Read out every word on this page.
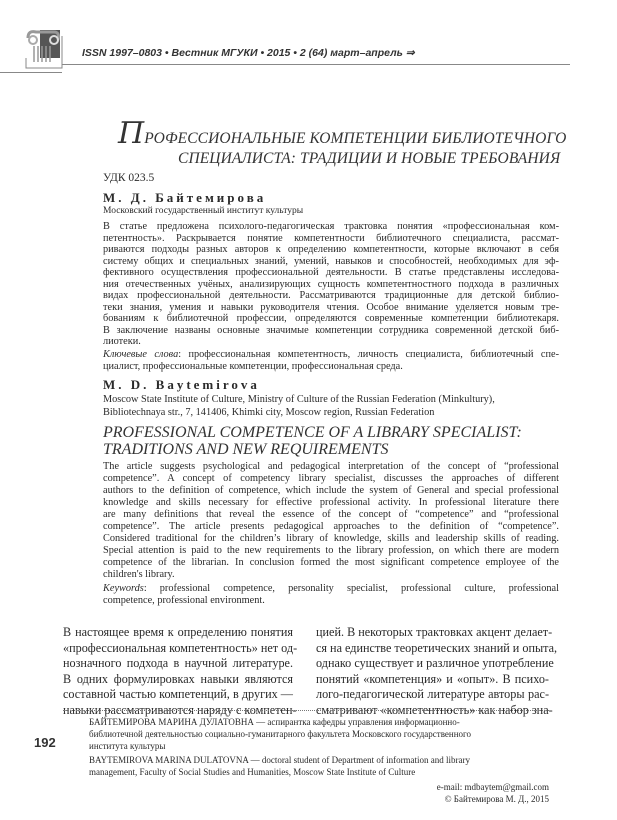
ISSN 1997–0803 • Вестник МГУКИ • 2015 • 2 (64) март–апрель ⇒
ПРОФЕССИОНАЛЬНЫЕ КОМПЕТЕНЦИИ БИБЛИОТЕЧНОГО
СПЕЦИАЛИСТА: ТРАДИЦИИ И НОВЫЕ ТРЕБОВАНИЯ
УДК 023.5
М. Д. Байтемирова
Московский государственный институт культуры
В статье предложена психолого-педагогическая трактовка понятия «профессиональная ком-
петентность». Раскрывается понятие компетентности библиотечного специалиста, рассмат-
риваются подходы разных авторов к определению компетентности, которые включают в себя
систему общих и специальных знаний, умений, навыков и способностей, необходимых для эф-
фективного осуществления профессиональной деятельности. В статье представлены исследова-
ния отечественных учёных, анализирующих сущность компетентностного подхода в различных
видах профессиональной деятельности. Рассматриваются традиционные для детской библио-
теки знания, умения и навыки руководителя чтения. Особое внимание уделяется новым тре-
бованиям к библиотечной профессии, определяются современные компетенции библиотекаря.
В заключение названы основные значимые компетенции сотрудника современной детской биб-
лиотеки.
Ключевые слова: профессиональная компетентность, личность специалиста, библиотечный спе-
циалист, профессиональные компетенции, профессиональная среда.
M. D. Baytemirova
Moscow State Institute of Culture, Ministry of Culture of the Russian Federation (Minkultury),
Bibliotechnaya str., 7, 141406, Khimki city, Moscow region, Russian Federation
PROFESSIONAL COMPETENCE OF A LIBRARY SPECIALIST:
TRADITIONS AND NEW REQUIREMENTS
The article suggests psychological and pedagogical interpretation of the concept of “professional
competence”. A concept of competency library specialist, discusses the approaches of different
authors to the definition of competence, which include the system of General and special professional
knowledge and skills necessary for effective professional activity. In professional literature there
are many definitions that reveal the essence of the concept of “competence” and “professional
competence”. The article presents pedagogical approaches to the definition of “competence”.
Considered traditional for the children’s library of knowledge, skills and leadership skills of reading.
Special attention is paid to the new requirements to the library profession, on which there are modern
competence of the librarian. In conclusion formed the most significant competence employee of the
children's library.
Keywords: professional competence, personality specialist, professional culture, professional
competence, professional environment.
В настоящее время к определению понятия
«профессиональная компетентность» нет од-
нозначного подхода в научной литературе.
В одних формулировках навыки являются
составной частью компетенций, в других —
навыки рассматриваются наряду с компетен-
цией. В некоторых трактовках акцент делает-
ся на единстве теоретических знаний и опыта,
однако существует и различное употребление
понятий «компетенция» и «опыт». В психо-
лого-педагогической литературе авторы рас-
сматривают «компетентность» как набор зна-
192
БАЙТЕМИРОВА МАРИНА ДУЛАТОВНА — аспирантка кафедры управления информационно-
библиотечной деятельностью социально-гуманитарного факультета Московского государственного
института культуры
BAYTEMIROVA MARINA DULATOVNA — doctoral student of Department of information and library
management, Faculty of Social Studies and Humanities, Moscow State Institute of Culture
e-mail: mdbaytem@gmail.com
© Байтемирова М. Д., 2015
